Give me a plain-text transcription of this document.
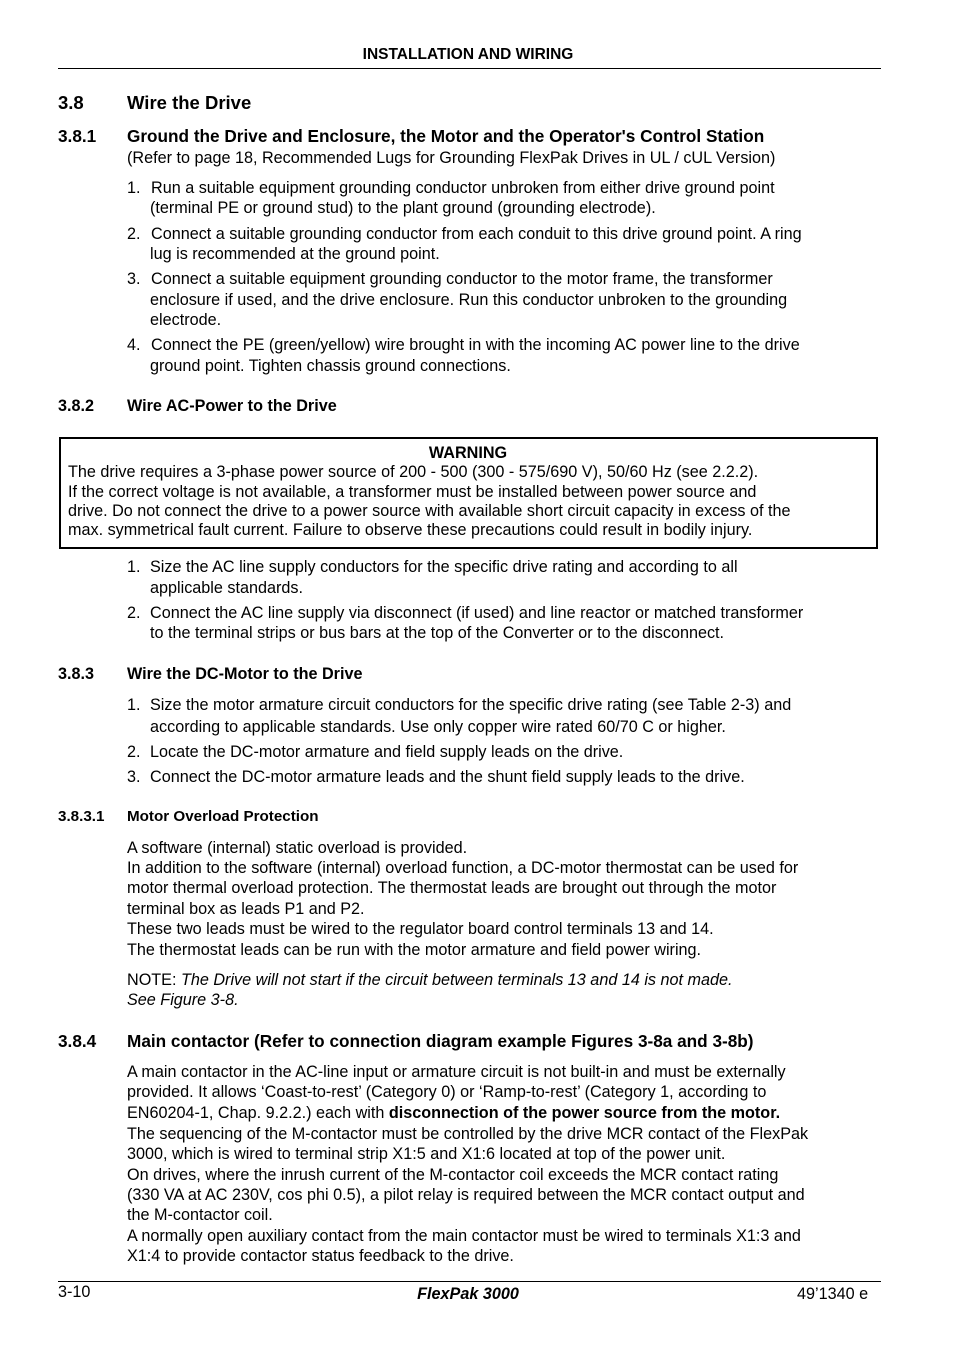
INSTALLATION AND WIRING
3.8 Wire the Drive
3.8.1 Ground the Drive and Enclosure, the Motor and the Operator's Control Station
(Refer to page 18, Recommended Lugs for Grounding FlexPak Drives in UL / cUL Version)
1. Run a suitable equipment grounding conductor unbroken from either drive ground point
(terminal PE or ground stud) to the plant ground (grounding electrode).
2. Connect a suitable grounding conductor from each conduit to this drive ground point. A ring
lug is recommended at the ground point.
3. Connect a suitable equipment grounding conductor to the motor frame, the transformer
enclosure if used, and the drive enclosure. Run this conductor unbroken to the grounding
electrode.
4. Connect the PE (green/yellow) wire brought in with the incoming AC power line to the drive
ground point. Tighten chassis ground connections.
3.8.2 Wire AC-Power to the Drive
WARNING
The drive requires a 3-phase power source of 200 - 500 (300 - 575/690 V), 50/60 Hz (see 2.2.2).
If the correct voltage is not available, a transformer must be installed between power source and
drive. Do not connect the drive to a power source with available short circuit capacity in excess of the
max. symmetrical fault current. Failure to observe these precautions could result in bodily injury.
1. Size the AC line supply conductors for the specific drive rating and according to all
applicable standards.
2. Connect the AC line supply via disconnect (if used) and line reactor or matched transformer
to the terminal strips or bus bars at the top of the Converter or to the disconnect.
3.8.3 Wire the DC-Motor to the Drive
1. Size the motor armature circuit conductors for the specific drive rating (see Table 2-3) and
according to applicable standards. Use only copper wire rated 60/70 C or higher.
2. Locate the DC-motor armature and field supply leads on the drive.
3. Connect the DC-motor armature leads and the shunt field supply leads to the drive.
3.8.3.1 Motor Overload Protection
A software (internal) static overload is provided.
In addition to the software (internal) overload function, a DC-motor thermostat can be used for
motor thermal overload protection. The thermostat leads are brought out through the motor
terminal box as leads P1 and P2.
These two leads must be wired to the regulator board control terminals 13 and 14.
The thermostat leads can be run with the motor armature and field power wiring.
NOTE: The Drive will not start if the circuit between terminals 13 and 14 is not made.
See Figure 3-8.
3.8.4 Main contactor (Refer to connection diagram example Figures 3-8a and 3-8b)
A main contactor in the AC-line input or armature circuit is not built-in and must be externally
provided. It allows ‘Coast-to-rest’ (Category 0) or ‘Ramp-to-rest’ (Category 1, according to
EN60204-1, Chap. 9.2.2.) each with disconnection of the power source from the motor.
The sequencing of the M-contactor must be controlled by the drive MCR contact of the FlexPak
3000, which is wired to terminal strip X1:5 and X1:6 located at top of the power unit.
On drives, where the inrush current of the M-contactor coil exceeds the MCR contact rating
(330 VA at AC 230V, cos phi 0.5), a pilot relay is required between the MCR contact output and
the M-contactor coil.
A normally open auxiliary contact from the main contactor must be wired to terminals X1:3 and
X1:4 to provide contactor status feedback to the drive.
3-10	FlexPak 3000	49’1340 e
